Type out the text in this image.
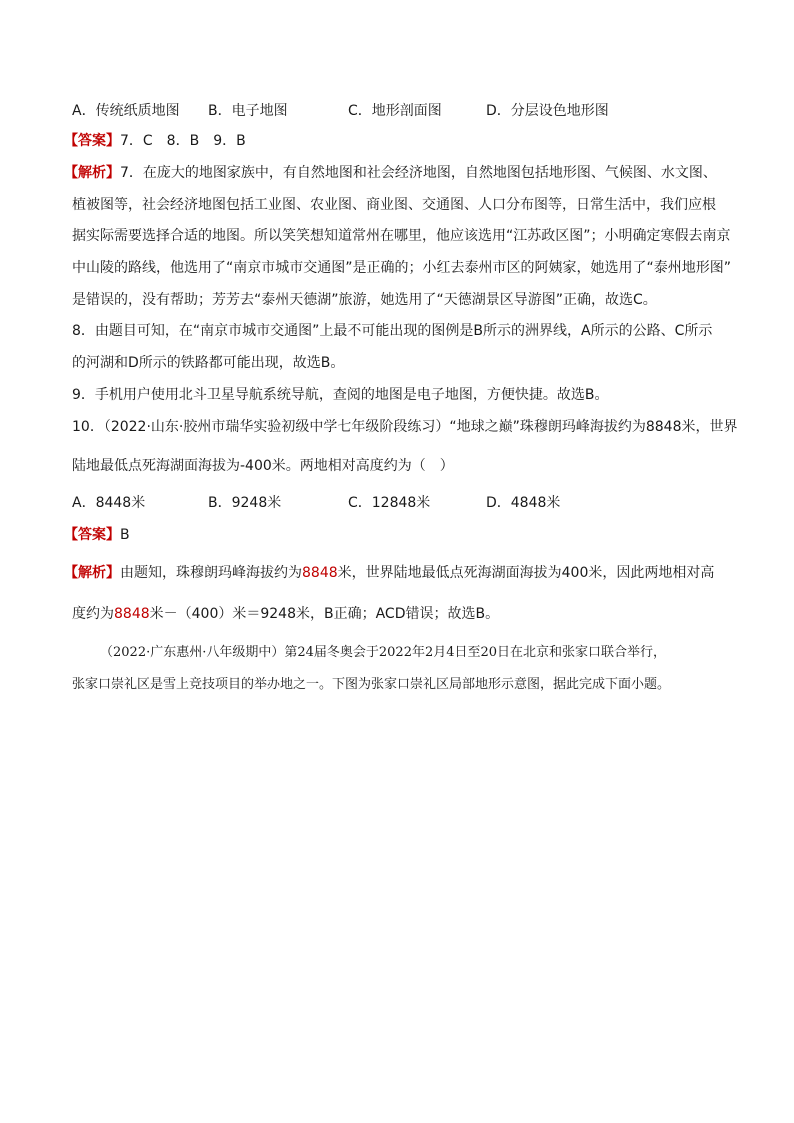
A．传统纸质地图 B．电子地图	C．地形剖面图	D．分层设色地形图
【答案】7．C　8．B　9．B
【解析】7．在庞大的地图家族中，有自然地图和社会经济地图，自然地图包括地形图、气候图、水文图、
植被图等，社会经济地图包括工业图、农业图、商业图、交通图、人口分布图等，日常生活中，我们应根
据实际需要选择合适的地图。所以笑笑想知道常州在哪里，他应该选用“江苏政区图”；小明确定寒假去南京
中山陵的路线，他选用了“南京市城市交通图”是正确的；小红去泰州市区的阿姨家，她选用了“泰州地形图”
是错误的，没有帮助；芳芳去“泰州天德湖”旅游，她选用了“天德湖景区导游图”正确，故选C。
8．由题目可知，在“南京市城市交通图”上最不可能出现的图例是B所示的洲界线，A所示的公路、C所示
的河湖和D所示的铁路都可能出现，故选B。
9．手机用户使用北斗卫星导航系统导航，查阅的地图是电子地图，方便快捷。故选B。
10．（2022·山东·胶州市瑞华实验初级中学七年级阶段练习）“地球之巅”珠穆朗玛峰海拔约为8848米，世界
陆地最低点死海湖面海拔为-400米。两地相对高度约为（　）
A．8448米	B．9248米	C．12848米	D．4848米
【答案】B
【解析】由题知，珠穆朗玛峰海拔约为8848米，世界陆地最低点死海湖面海拔为400米，因此两地相对高
度约为8848米－（400）米＝9248米，B正确；ACD错误；故选B。
（2022·广东惠州·八年级期中）第24届冬奥会于2022年2月4日至20日在北京和张家口联合举行，
张家口崇礼区是雪上竞技项目的举办地之一。下图为张家口崇礼区局部地形示意图，据此完成下面小题。
